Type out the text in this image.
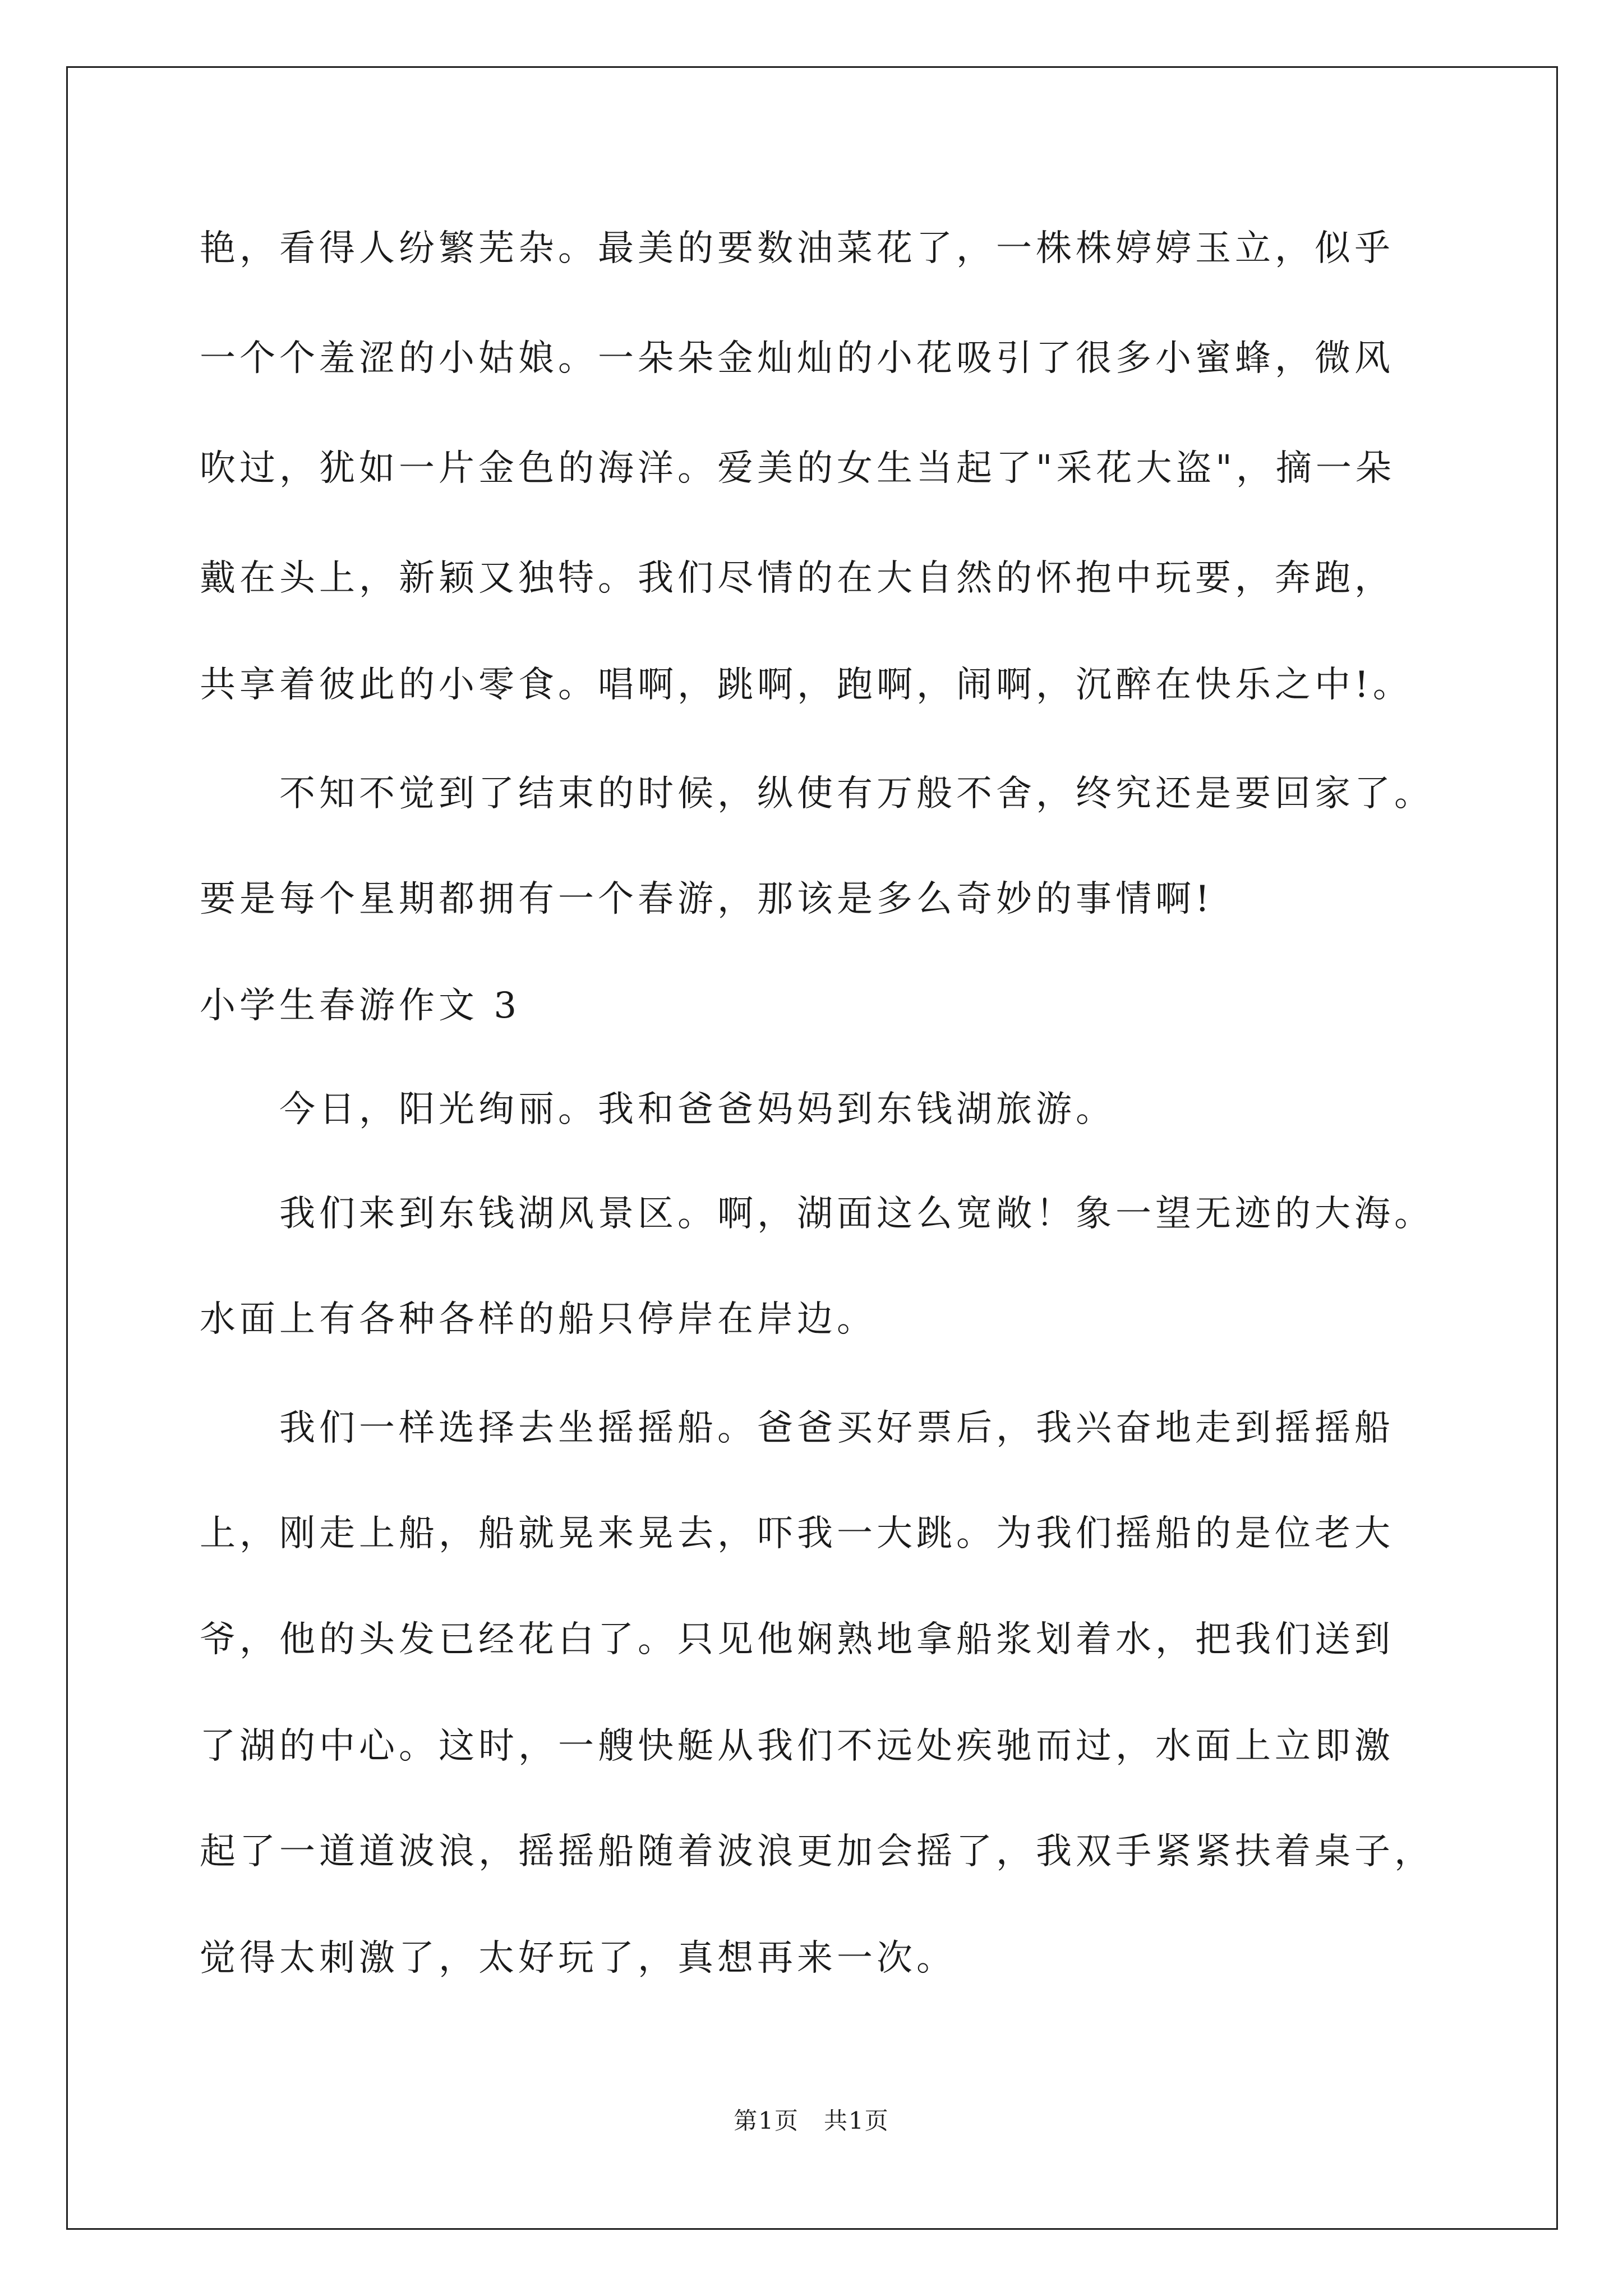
艳，看得人纷繁芜杂。最美的要数油菜花了，一株株婷婷玉立，似乎
一个个羞涩的小姑娘。一朵朵金灿灿的小花吸引了很多小蜜蜂，微风
吹过，犹如一片金色的海洋。爱美的女生当起了"采花大盗"，摘一朵
戴在头上，新颖又独特。我们尽情的在大自然的怀抱中玩要，奔跑，
共享着彼此的小零食。唱啊，跳啊，跑啊，闹啊，沉醉在快乐之中!。
　　不知不觉到了结束的时候，纵使有万般不舍，终究还是要回家了。
要是每个星期都拥有一个春游，那该是多么奇妙的事情啊!
小学生春游作文 3
　　今日，阳光绚丽。我和爸爸妈妈到东钱湖旅游。
　　我们来到东钱湖风景区。啊，湖面这么宽敞！象一望无迹的大海。
水面上有各种各样的船只停岸在岸边。
　　我们一样选择去坐摇摇船。爸爸买好票后，我兴奋地走到摇摇船
上，刚走上船，船就晃来晃去，吓我一大跳。为我们摇船的是位老大
爷，他的头发已经花白了。只见他娴熟地拿船浆划着水，把我们送到
了湖的中心。这时，一艘快艇从我们不远处疾驰而过，水面上立即激
起了一道道波浪，摇摇船随着波浪更加会摇了，我双手紧紧扶着桌子，
觉得太刺激了，太好玩了，真想再来一次。
第1页　共1页
